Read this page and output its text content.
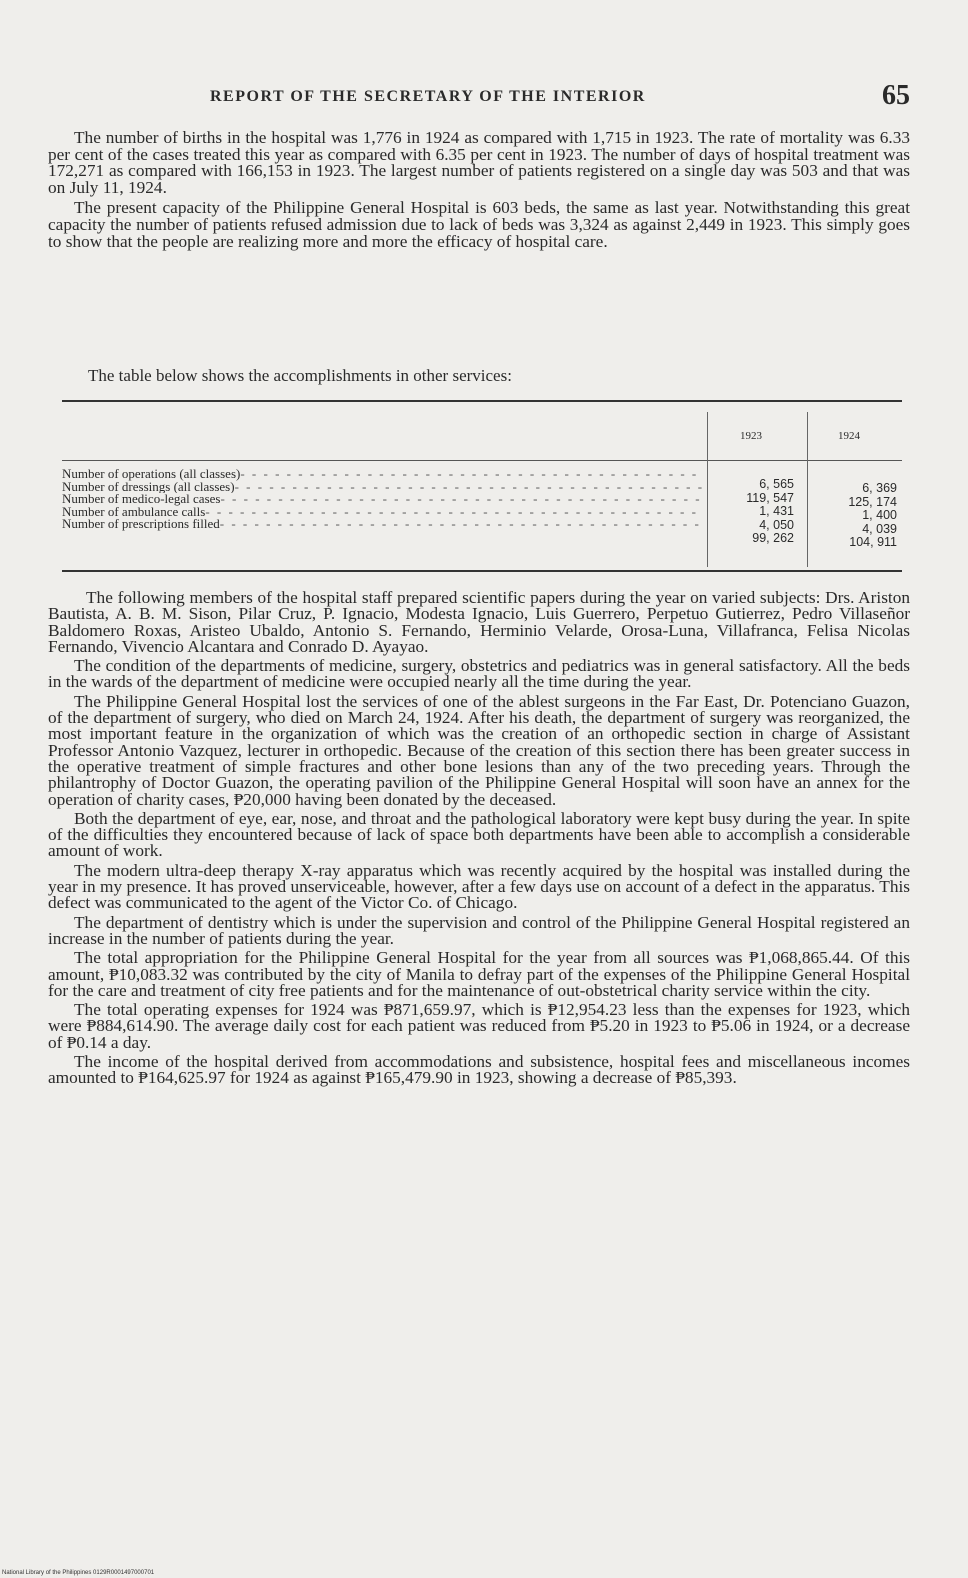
REPORT OF THE SECRETARY OF THE INTERIOR	65

The number of births in the hospital was 1,776 in 1924 as compared with 1,715 in 1923. The rate of mortality was 6.33 per cent of the cases treated this year as compared with 6.35 per cent in 1923. The number of days of hospital treatment was 172,271 as compared with 166,153 in 1923. The largest number of patients registered on a single day was 503 and that was on July 11, 1924.

The present capacity of the Philippine General Hospital is 603 beds, the same as last year. Notwithstanding this great capacity the number of patients refused admission due to lack of beds was 3,324 as against 2,449 in 1923. This simply goes to show that the people are realizing more and more the efficacy of hospital care.

The table below shows the accomplishments in other services:
1923	1924
Number of operations (all classes)
- - -
Number of dressings (all classes)
- - -
Number of medico-legal cases
- - -
Number of ambulance calls
- - -
Number of prescriptions filled
- - -
6, 565
119, 547
1, 431
4, 050
99, 262
6, 369
125, 174
1, 400
4, 039
104, 911

The following members of the hospital staff prepared scientific papers during the year on varied subjects: Drs. Ariston Bautista, A. B. M. Sison, Pilar Cruz, P. Ignacio, Modesta Ignacio, Luis Guerrero, Perpetuo Gutierrez, Pedro Villaseñor Baldomero Roxas, Aristeo Ubaldo, Antonio S. Fernando, Herminio Velarde, Orosa-Luna, Villafranca, Felisa Nicolas Fernando, Vivencio Alcantara and Conrado D. Ayayao.

The condition of the departments of medicine, surgery, obstetrics and pediatrics was in general satisfactory. All the beds in the wards of the department of medicine were occupied nearly all the time during the year.

The Philippine General Hospital lost the services of one of the ablest surgeons in the Far East, Dr. Potenciano Guazon, of the department of surgery, who died on March 24, 1924. After his death, the department of surgery was reorganized, the most important feature in the organization of which was the creation of an orthopedic section in charge of Assistant Professor Antonio Vazquez, lecturer in orthopedic. Because of the creation of this section there has been greater success in the operative treatment of simple fractures and other bone lesions than any of the two preceding years. Through the philantrophy of Doctor Guazon, the operating pavilion of the Philippine General Hospital will soon have an annex for the operation of charity cases, ₱20,000 having been donated by the deceased.

Both the department of eye, ear, nose, and throat and the pathological laboratory were kept busy during the year. In spite of the difficulties they encountered because of lack of space both departments have been able to accomplish a considerable amount of work.

The modern ultra-deep therapy X-ray apparatus which was recently acquired by the hospital was installed during the year in my presence. It has proved unserviceable, however, after a few days use on account of a defect in the apparatus. This defect was communicated to the agent of the Victor Co. of Chicago.

The department of dentistry which is under the supervision and control of the Philippine General Hospital registered an increase in the number of patients during the year.

The total appropriation for the Philippine General Hospital for the year from all sources was ₱1,068,865.44. Of this amount, ₱10,083.32 was contributed by the city of Manila to defray part of the expenses of the Philippine General Hospital for the care and treatment of city free patients and for the maintenance of out-obstetrical charity service within the city.

The total operating expenses for 1924 was ₱871,659.97, which is ₱12,954.23 less than the expenses for 1923, which were ₱884,614.90. The average daily cost for each patient was reduced from ₱5.20 in 1923 to ₱5.06 in 1924, or a decrease of ₱0.14 a day.

The income of the hospital derived from accommodations and subsistence, hospital fees and miscellaneous incomes amounted to ₱164,625.97 for 1924 as against ₱165,479.90 in 1923, showing a decrease of ₱85,393.

National Library of the Philippines 0129R0001497000701
